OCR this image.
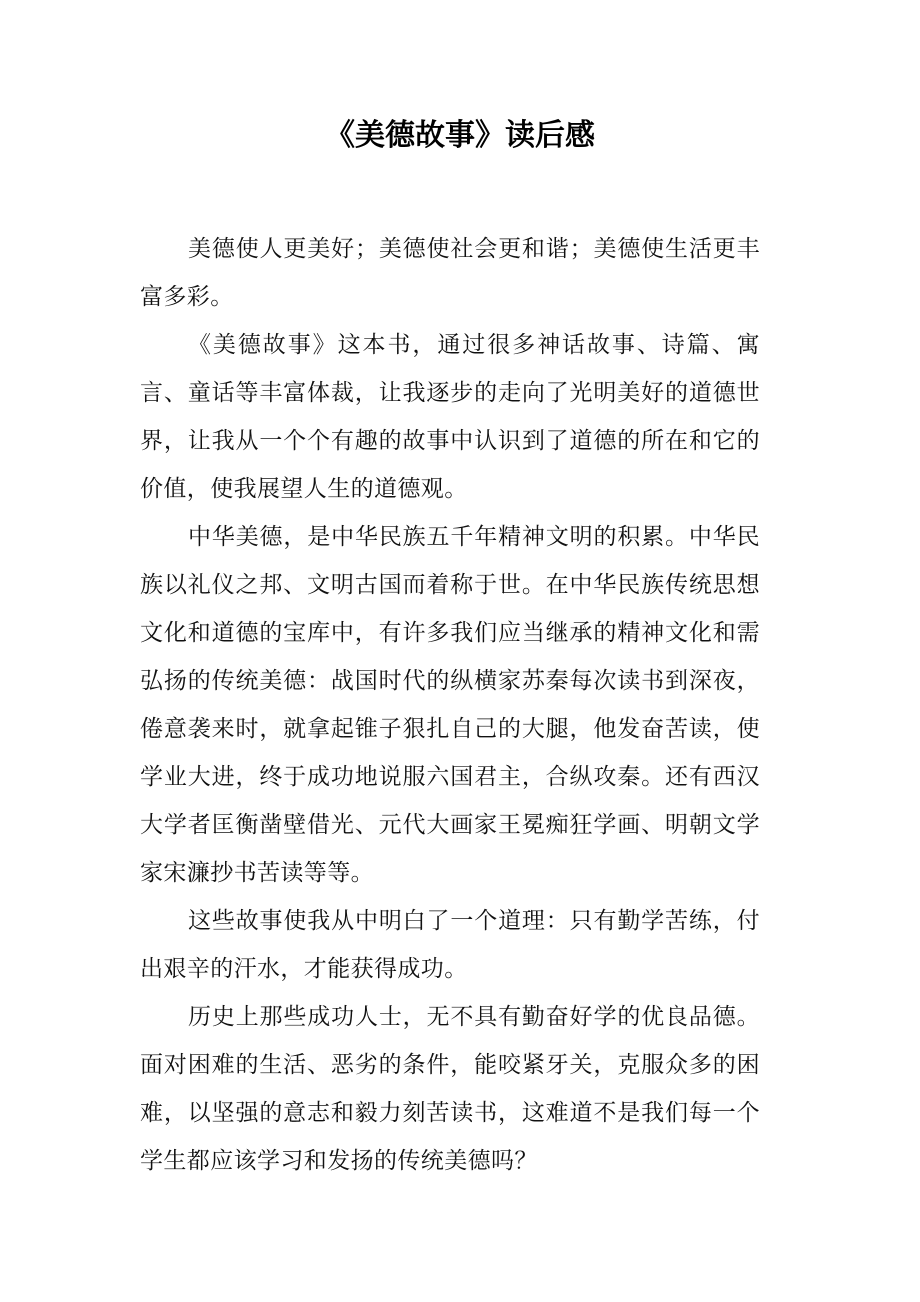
《美德故事》读后感

美德使人更美好；美德使社会更和谐；美德使生活更丰富多彩。

《美德故事》这本书，通过很多神话故事、诗篇、寓言、童话等丰富体裁，让我逐步的走向了光明美好的道德世界，让我从一个个有趣的故事中认识到了道德的所在和它的价值，使我展望人生的道德观。

中华美德，是中华民族五千年精神文明的积累。中华民族以礼仪之邦、文明古国而着称于世。在中华民族传统思想文化和道德的宝库中，有许多我们应当继承的精神文化和需弘扬的传统美德：战国时代的纵横家苏秦每次读书到深夜，倦意袭来时，就拿起锥子狠扎自己的大腿，他发奋苦读，使学业大进，终于成功地说服六国君主，合纵攻秦。还有西汉大学者匡衡凿壁借光、元代大画家王冕痴狂学画、明朝文学家宋濂抄书苦读等等。

这些故事使我从中明白了一个道理：只有勤学苦练，付出艰辛的汗水，才能获得成功。

历史上那些成功人士，无不具有勤奋好学的优良品德。面对困难的生活、恶劣的条件，能咬紧牙关，克服众多的困难，以坚强的意志和毅力刻苦读书，这难道不是我们每一个学生都应该学习和发扬的传统美德吗？
